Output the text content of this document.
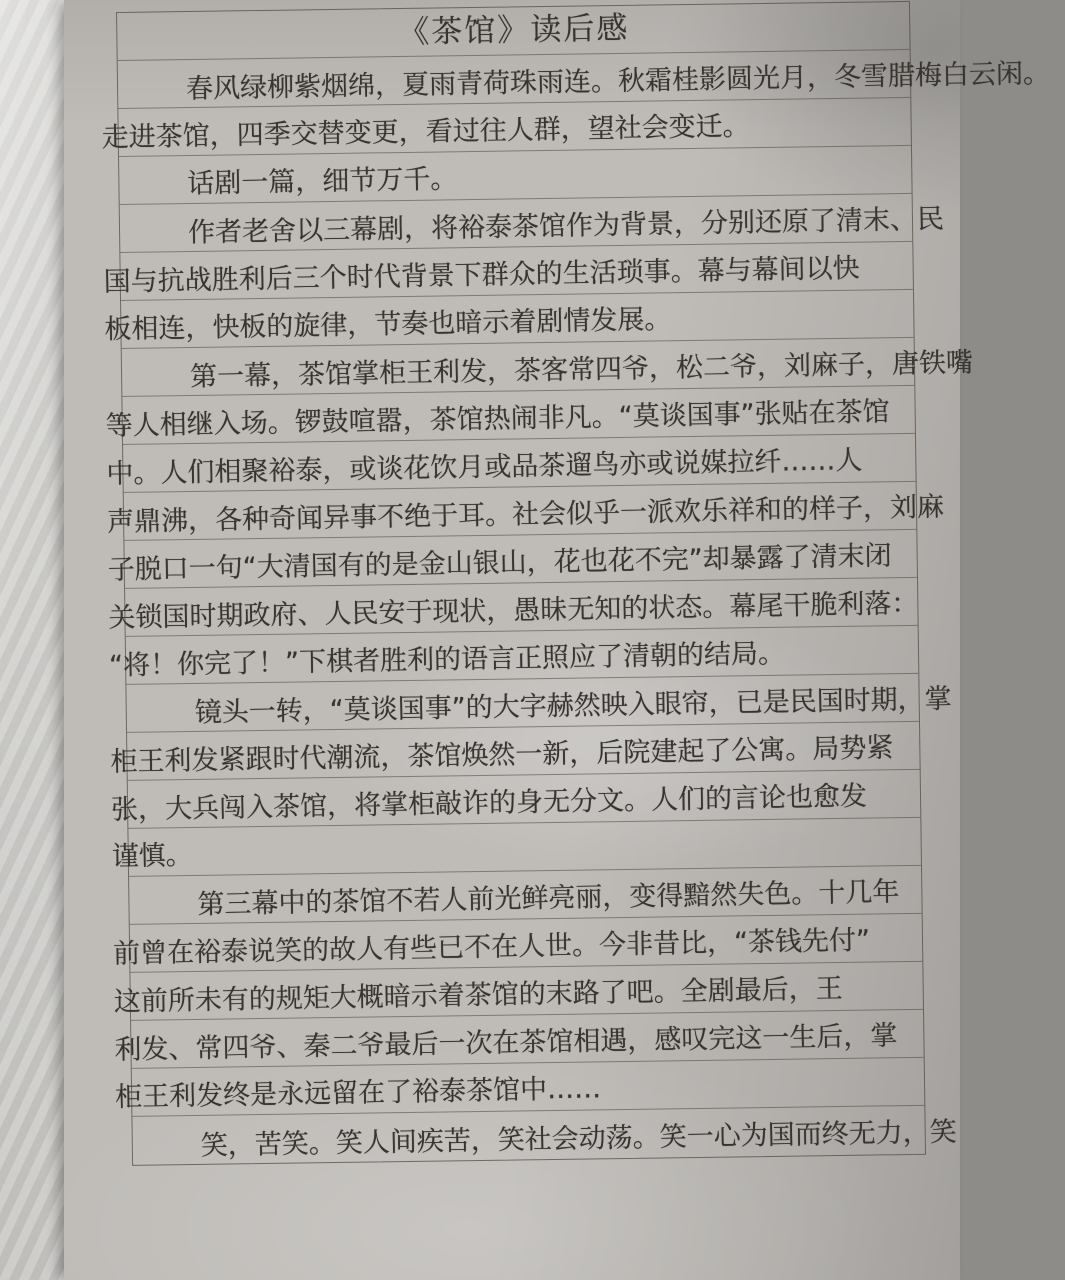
《茶馆》读后感
春风绿柳紫烟绵，夏雨青荷珠雨连。秋霜桂影圆光月，冬雪腊梅白云闲。
走进茶馆，四季交替变更，看过往人群，望社会变迁。
话剧一篇，细节万千。
作者老舍以三幕剧，将裕泰茶馆作为背景，分别还原了清末、民
国与抗战胜利后三个时代背景下群众的生活琐事。幕与幕间以快
板相连，快板的旋律，节奏也暗示着剧情发展。
第一幕，茶馆掌柜王利发，茶客常四爷，松二爷，刘麻子，唐铁嘴
等人相继入场。锣鼓喧嚣，茶馆热闹非凡。“莫谈国事”张贴在茶馆
中。人们相聚裕泰，或谈花饮月或品茶遛鸟亦或说媒拉纤……人
声鼎沸，各种奇闻异事不绝于耳。社会似乎一派欢乐祥和的样子，刘麻
子脱口一句“大清国有的是金山银山，花也花不完”却暴露了清末闭
关锁国时期政府、人民安于现状，愚昧无知的状态。幕尾干脆利落：
“将！你完了！”下棋者胜利的语言正照应了清朝的结局。
镜头一转，“莫谈国事”的大字赫然映入眼帘，已是民国时期，掌
柜王利发紧跟时代潮流，茶馆焕然一新，后院建起了公寓。局势紧
张，大兵闯入茶馆，将掌柜敲诈的身无分文。人们的言论也愈发
谨慎。
第三幕中的茶馆不若人前光鲜亮丽，变得黯然失色。十几年
前曾在裕泰说笑的故人有些已不在人世。今非昔比，“茶钱先付”
这前所未有的规矩大概暗示着茶馆的末路了吧。全剧最后，王
利发、常四爷、秦二爷最后一次在茶馆相遇，感叹完这一生后，掌
柜王利发终是永远留在了裕泰茶馆中……
笑，苦笑。笑人间疾苦，笑社会动荡。笑一心为国而终无力，笑
